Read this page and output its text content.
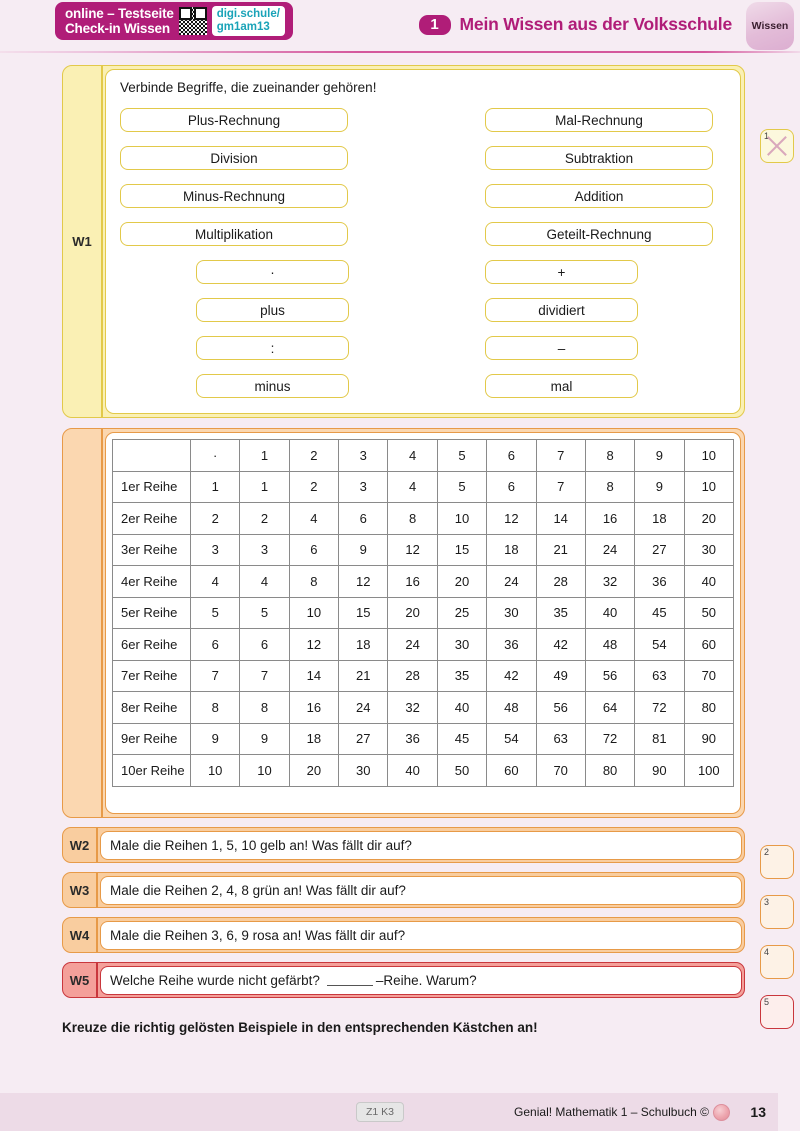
online – Testseite
Check-in Wissen
digi.schule/
gm1am13	1	Mein Wissen aus der Volksschule Wissen
W1
Verbinde Begriffe, die zueinander gehören!
Plus-Rechnung
Division
Minus-Rechnung
Multiplikation
·
plus
:
minus
Mal-Rechnung
Subtraktion
Addition
Geteilt-Rechnung
+
dividiert
–
mal
1
	·	1	2	3	4	5	6	7	8	9	10
1er Reihe	1	1	2	3	4	5	6	7	8	9	10
2er Reihe	2	2	4	6	8	10	12	14	16	18	20
3er Reihe	3	3	6	9	12	15	18	21	24	27	30
4er Reihe	4	4	8	12	16	20	24	28	32	36	40
5er Reihe	5	5	10	15	20	25	30	35	40	45	50
6er Reihe	6	6	12	18	24	30	36	42	48	54	60
7er Reihe	7	7	14	21	28	35	42	49	56	63	70
8er Reihe	8	8	16	24	32	40	48	56	64	72	80
9er Reihe	9	9	18	27	36	45	54	63	72	81	90
10er Reihe	10	10	20	30	40	50	60	70	80	90	100
W2	Male die Reihen 1, 5, 10 gelb an! Was fällt dir auf?
W3	Male die Reihen 2, 4, 8 grün an! Was fällt dir auf?
W4	Male die Reihen 3, 6, 9 rosa an! Was fällt dir auf?
W5	Welche Reihe wurde nicht gefärbt?	–Reihe. Warum?
Kreuze die richtig gelösten Beispiele in den entsprechenden Kästchen an!
Z1 K3	Genial! Mathematik 1 – Schulbuch ©	13
2
3
4
5
